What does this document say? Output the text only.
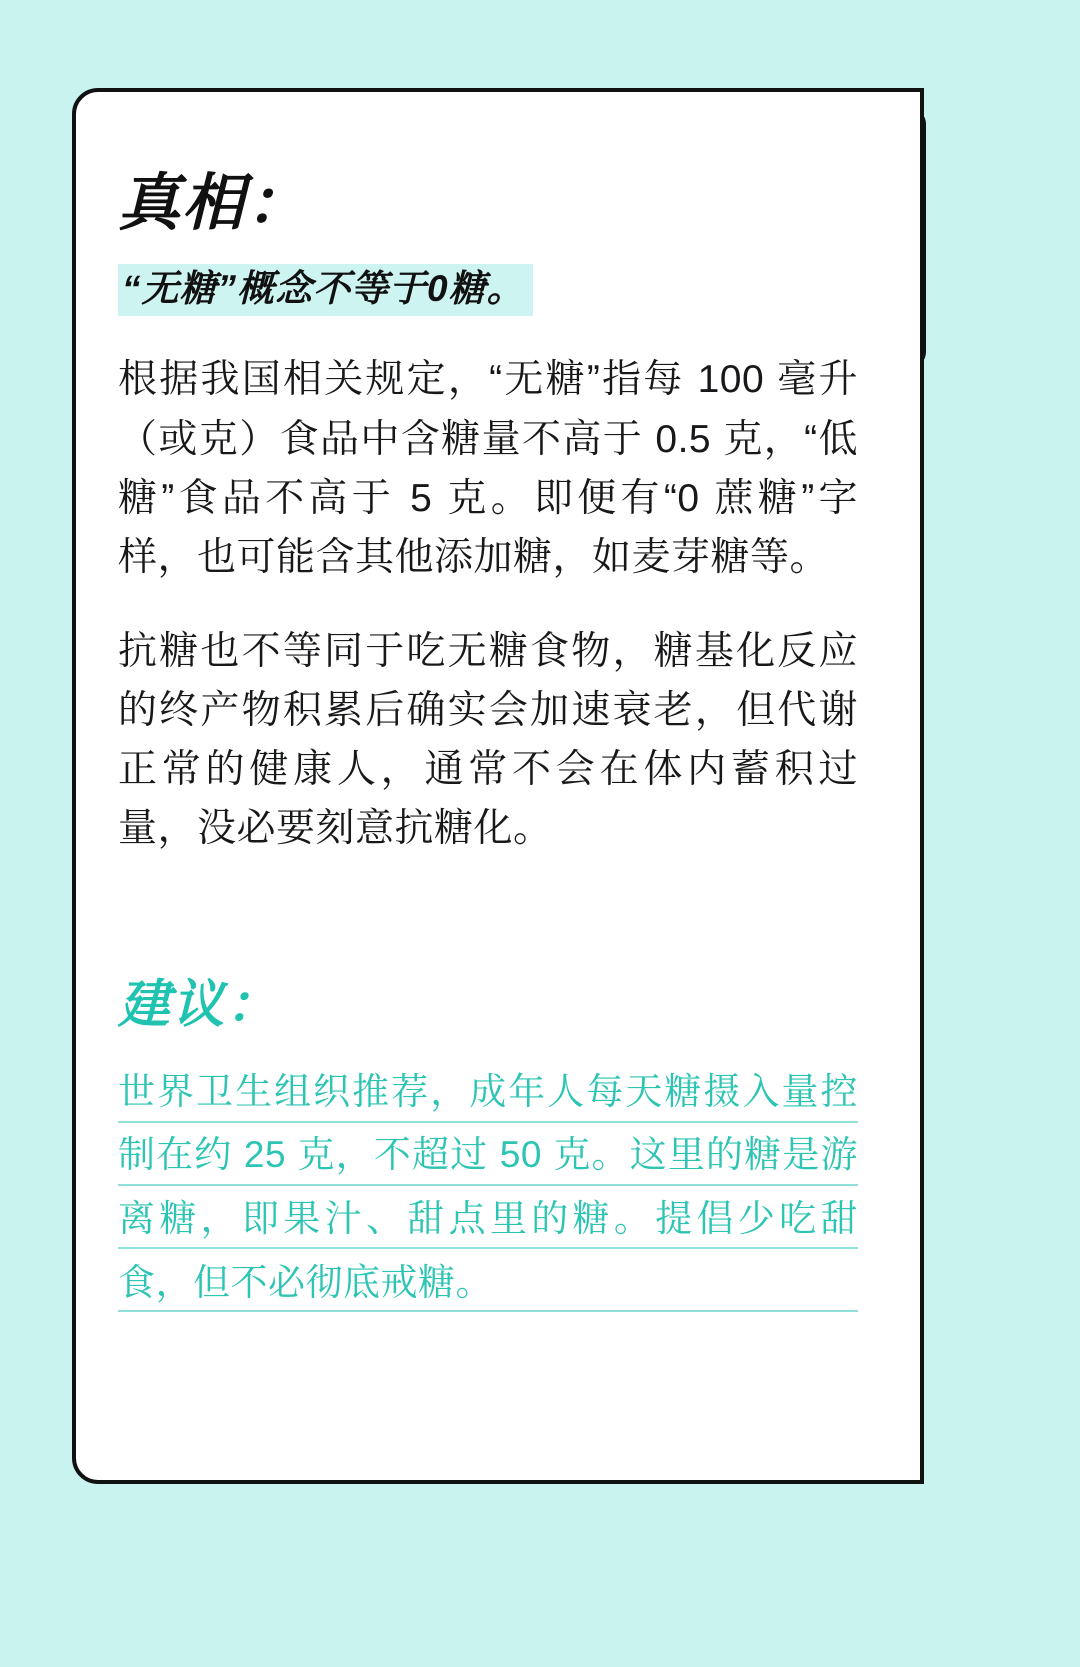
真相：

“无糖”概念不等于0糖。

根据我国相关规定，“无糖”指每 100 毫升（或克）食品中含糖量不高于 0.5 克，“低糖”食品不高于 5 克。即便有“0 蔗糖”字样，也可能含其他添加糖，如麦芽糖等。

抗糖也不等同于吃无糖食物，糖基化反应的终产物积累后确实会加速衰老，但代谢正常的健康人，通常不会在体内蓄积过量，没必要刻意抗糖化。

建议：

世界卫生组织推荐，成年人每天糖摄入量控制在约 25 克，不超过 50 克。这里的糖是游离糖，即果汁、甜点里的糖。提倡少吃甜食，但不必彻底戒糖。
